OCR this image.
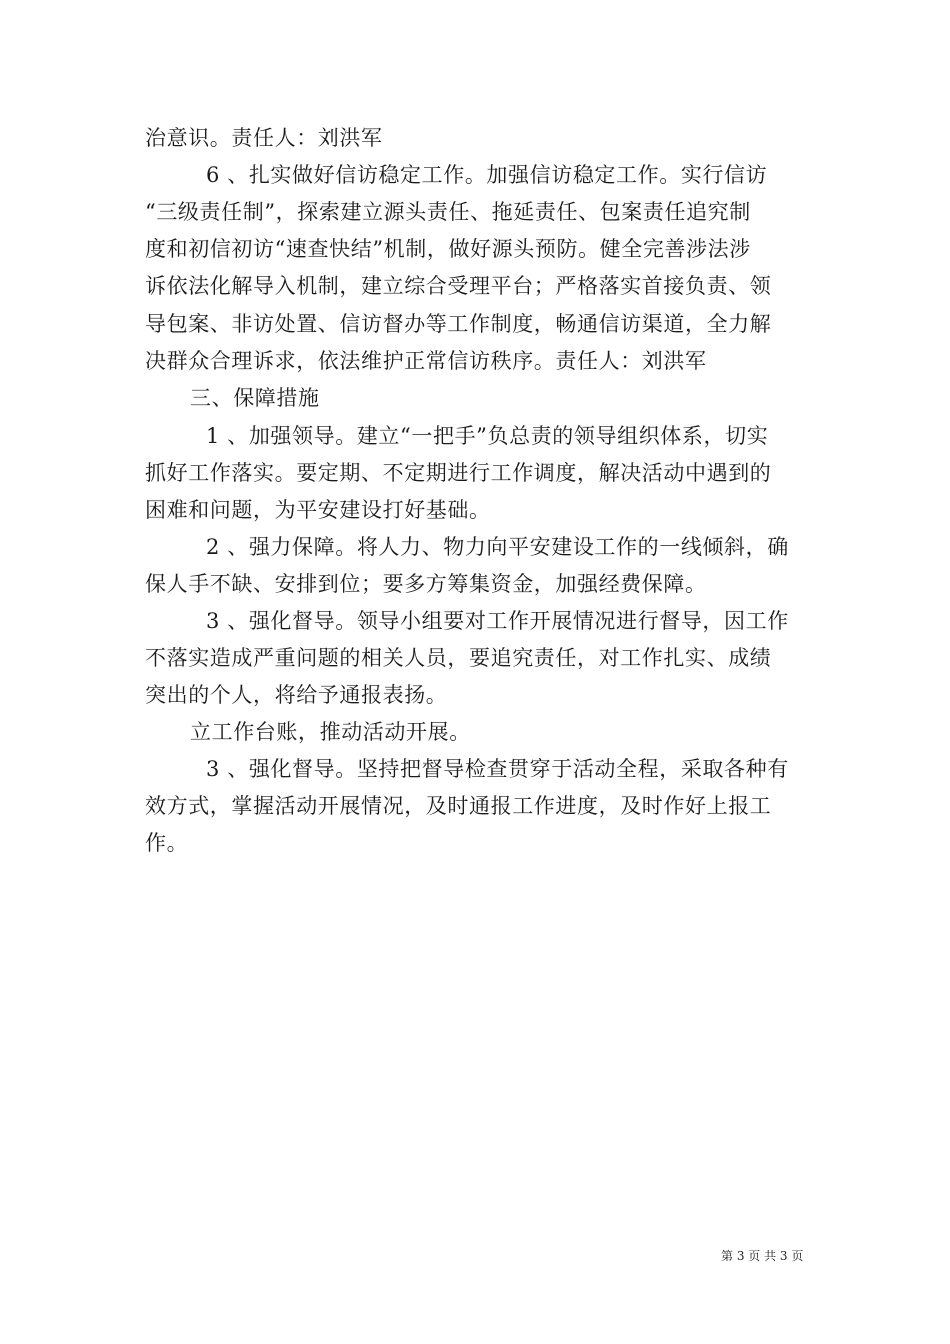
治意识。责任人：刘洪军
6 、扎实做好信访稳定工作。加强信访稳定工作。实行信访
“三级责任制”，探索建立源头责任、拖延责任、包案责任追究制
度和初信初访“速查快结”机制，做好源头预防。健全完善涉法涉
诉依法化解导入机制，建立综合受理平台；严格落实首接负责、领
导包案、非访处置、信访督办等工作制度，畅通信访渠道，全力解
决群众合理诉求，依法维护正常信访秩序。责任人：刘洪军
三、保障措施
1 、加强领导。建立“一把手”负总责的领导组织体系，切实
抓好工作落实。要定期、不定期进行工作调度，解决活动中遇到的
困难和问题，为平安建设打好基础。
2 、强力保障。将人力、物力向平安建设工作的一线倾斜，确
保人手不缺、安排到位；要多方筹集资金，加强经费保障。
3 、强化督导。领导小组要对工作开展情况进行督导，因工作
不落实造成严重问题的相关人员，要追究责任，对工作扎实、成绩
突出的个人，将给予通报表扬。
立工作台账，推动活动开展。
3 、强化督导。坚持把督导检查贯穿于活动全程，采取各种有
效方式，掌握活动开展情况，及时通报工作进度，及时作好上报工
作。
第 3 页 共 3 页
